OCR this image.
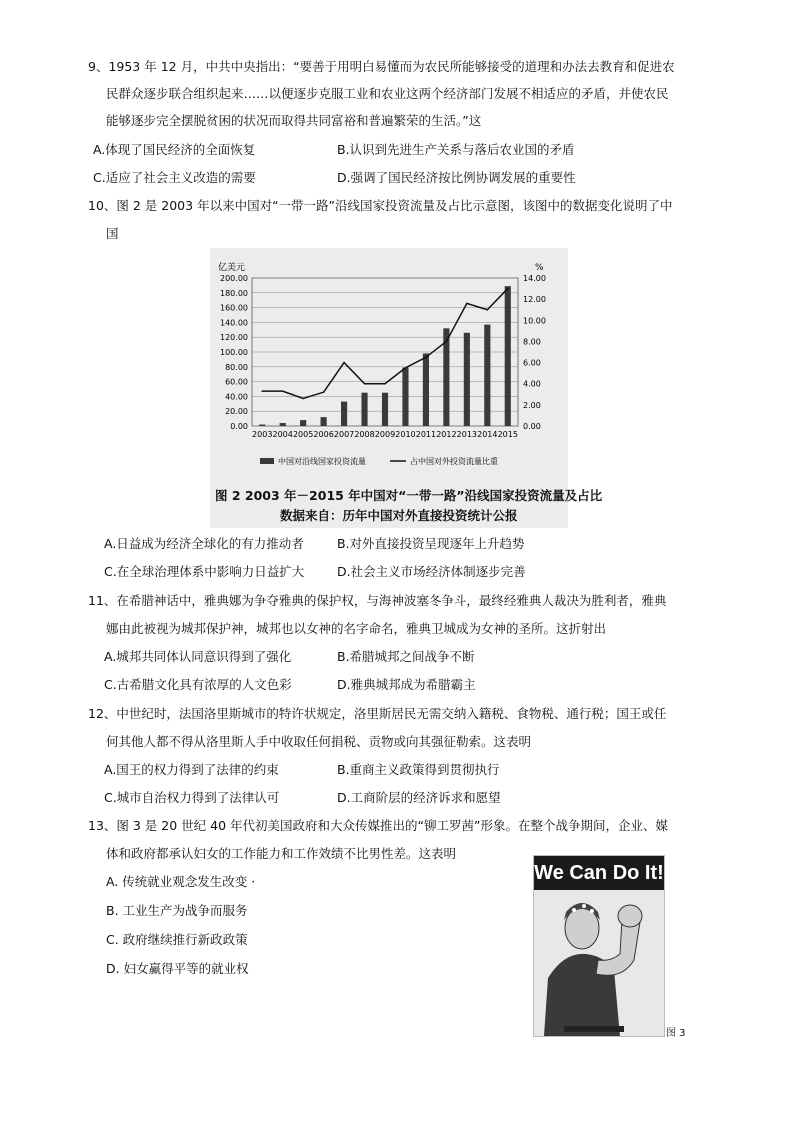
9、1953 年 12 月，中共中央指出：“要善于用明白易懂而为农民所能够接受的道理和办法去教育和促进农
民群众逐步联合组织起来……以便逐步克服工业和农业这两个经济部门发展不相适应的矛盾，并使农民
能够逐步完全摆脱贫困的状况而取得共同富裕和普遍繁荣的生活。”这
A.体现了国民经济的全面恢复	B.认识到先进生产关系与落后农业国的矛盾
C.适应了社会主义改造的需要	D.强调了国民经济按比例协调发展的重要性
10、图 2 是 2003 年以来中国对“一带一路”沿线国家投资流量及占比示意图，该图中的数据变化说明了中
国
亿美元	%
0.00
20.00
40.00
60.00
80.00
100.00
120.00
140.00
160.00
180.00
200.00
0.00
2.00
4.00
6.00
8.00
10.00
12.00
14.00
2003 2004 2005 2006 2007 2008 2009 2010 2011 2012 2013 2014 2015
中国对沿线国家投资流量	占中国对外投资流量比重
图 2 2003 年－2015 年中国对“一带一路”沿线国家投资流量及占比
数据来自：历年中国对外直接投资统计公报
A.日益成为经济全球化的有力推动者	B.对外直接投资呈现逐年上升趋势
C.在全球治理体系中影响力日益扩大	D.社会主义市场经济体制逐步完善
11、在希腊神话中，雅典娜为争夺雅典的保护权，与海神波塞冬争斗，最终经雅典人裁决为胜利者，雅典
娜由此被视为城邦保护神，城邦也以女神的名字命名，雅典卫城成为女神的圣所。这折射出
A.城邦共同体认同意识得到了强化	B.希腊城邦之间战争不断
C.古希腊文化具有浓厚的人文色彩	D.雅典城邦成为希腊霸主
12、中世纪时，法国洛里斯城市的特许状规定，洛里斯居民无需交纳入籍税、食物税、通行税；国王或任
何其他人都不得从洛里斯人手中收取任何捐税、贡物或向其强征勒索。这表明
A.国王的权力得到了法律的约束	B.重商主义政策得到贯彻执行
C.城市自治权力得到了法律认可	D.工商阶层的经济诉求和愿望
13、图 3 是 20 世纪 40 年代初美国政府和大众传媒推出的“铆工罗茜”形象。在整个战争期间，企业、媒
体和政府都承认妇女的工作能力和工作效绩不比男性差。这表明
A. 传统就业观念发生改变 ·
B. 工业生产为战争而服务
C. 政府继续推行新政政策
D. 妇女赢得平等的就业权
We Can Do It!
图 3
